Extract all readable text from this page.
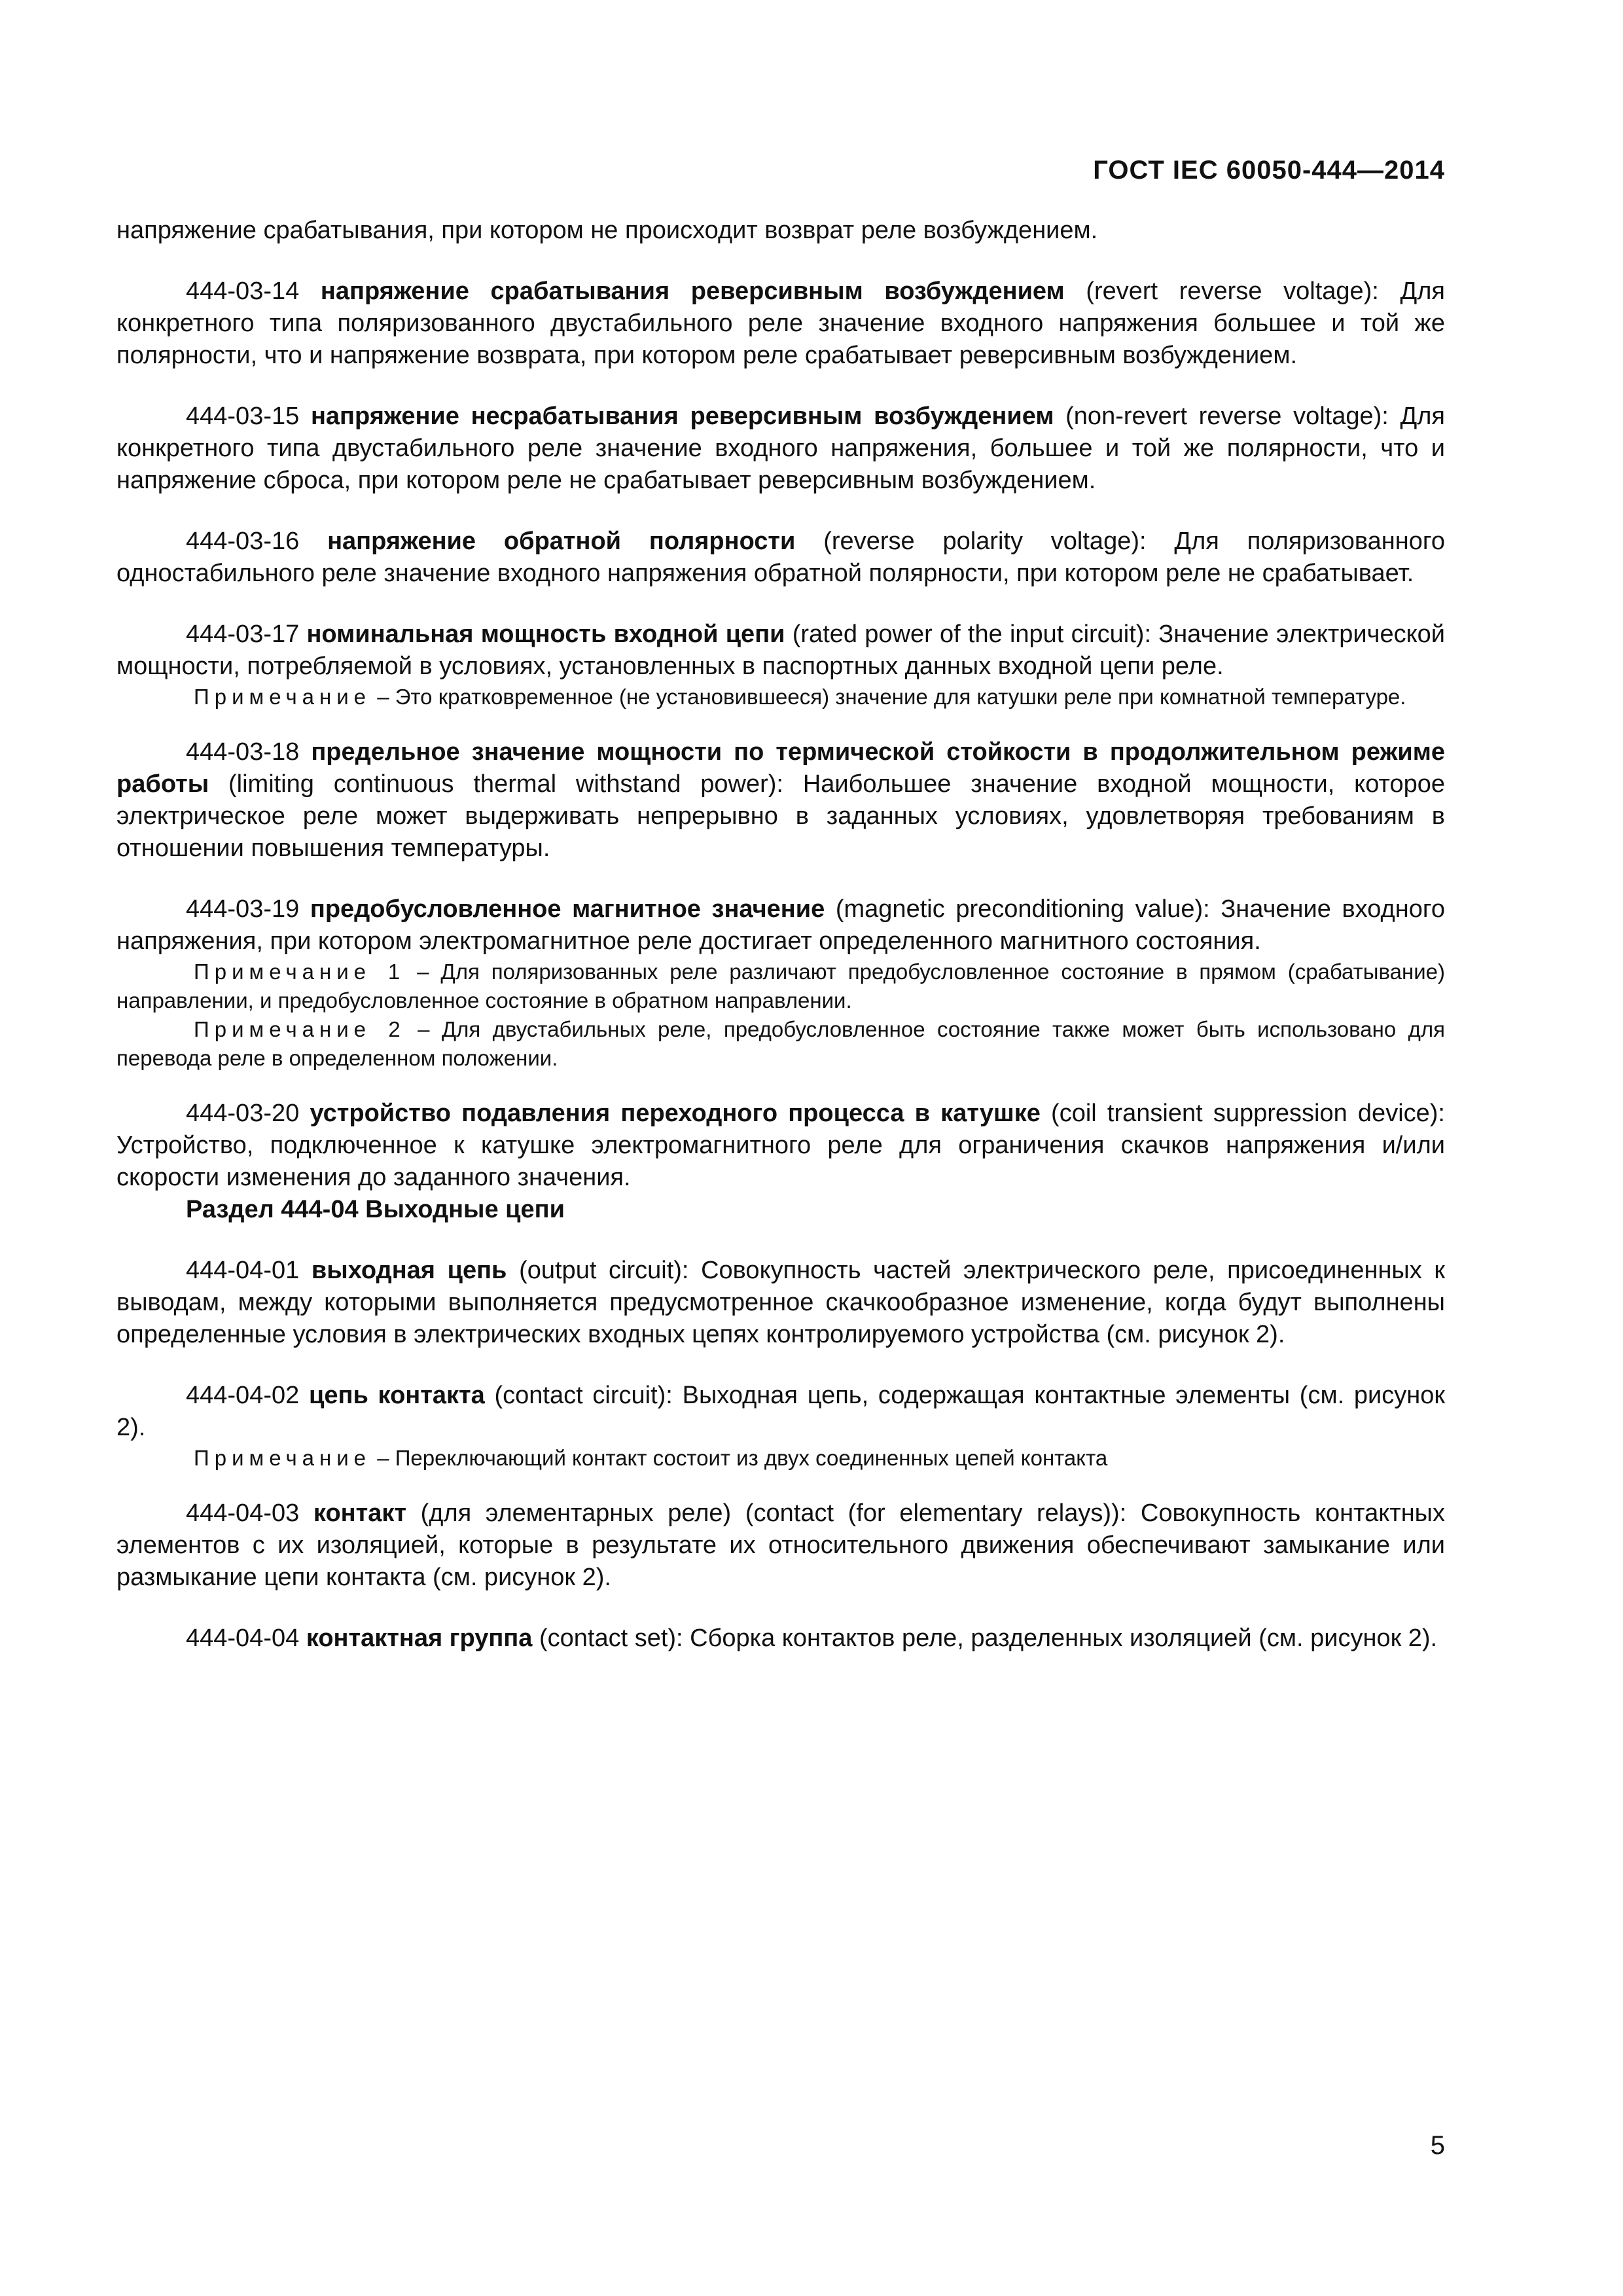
ГОСТ IEC 60050-444—2014

напряжение срабатывания, при котором не происходит возврат реле возбуждением.

444-03-14 напряжение срабатывания реверсивным возбуждением (revert reverse voltage): Для конкретного типа поляризованного двустабильного реле значение входного напряжения большее и той же полярности, что и напряжение возврата, при котором реле срабатывает реверсивным возбуждением.

444-03-15 напряжение несрабатывания реверсивным возбуждением (non-revert reverse voltage): Для конкретного типа двустабильного реле значение входного напряжения, большее и той же полярности, что и напряжение сброса, при котором реле не срабатывает реверсивным возбуждением.

444-03-16 напряжение обратной полярности (reverse polarity voltage): Для поляризованного одностабильного реле значение входного напряжения обратной полярности, при котором реле не срабатывает.

444-03-17 номинальная мощность входной цепи (rated power of the input circuit): Значение электрической мощности, потребляемой в условиях, установленных в паспортных данных входной цепи реле.

Примечание – Это кратковременное (не установившееся) значение для катушки реле при комнатной температуре.

444-03-18 предельное значение мощности по термической стойкости в продолжительном режиме работы (limiting continuous thermal withstand power): Наибольшее значение входной мощности, которое электрическое реле может выдерживать непрерывно в заданных условиях, удовлетворяя требованиям в отношении повышения температуры.

444-03-19 предобусловленное магнитное значение (magnetic preconditioning value): Значение входного напряжения, при котором электромагнитное реле достигает определенного магнитного состояния.

Примечание 1 – Для поляризованных реле различают предобусловленное состояние в прямом (срабатывание) направлении, и предобусловленное состояние в обратном направлении.

Примечание 2 – Для двустабильных реле, предобусловленное состояние также может быть использовано для перевода реле в определенном положении.

444-03-20 устройство подавления переходного процесса в катушке (coil transient suppression device): Устройство, подключенное к катушке электромагнитного реле для ограничения скачков напряжения и/или скорости изменения до заданного значения.

Раздел 444-04 Выходные цепи

444-04-01 выходная цепь (output circuit): Совокупность частей электрического реле, присоединенных к выводам, между которыми выполняется предусмотренное скачкообразное изменение, когда будут выполнены определенные условия в электрических входных цепях контролируемого устройства (см. рисунок 2).

444-04-02 цепь контакта (contact circuit): Выходная цепь, содержащая контактные элементы (см. рисунок 2).

Примечание – Переключающий контакт состоит из двух соединенных цепей контакта

444-04-03 контакт (для элементарных реле) (contact (for elementary relays)): Совокупность контактных элементов с их изоляцией, которые в результате их относительного движения обеспечивают замыкание или размыкание цепи контакта (см. рисунок 2).

444-04-04 контактная группа (contact set): Сборка контактов реле, разделенных изоляцией (см. рисунок 2).

5
